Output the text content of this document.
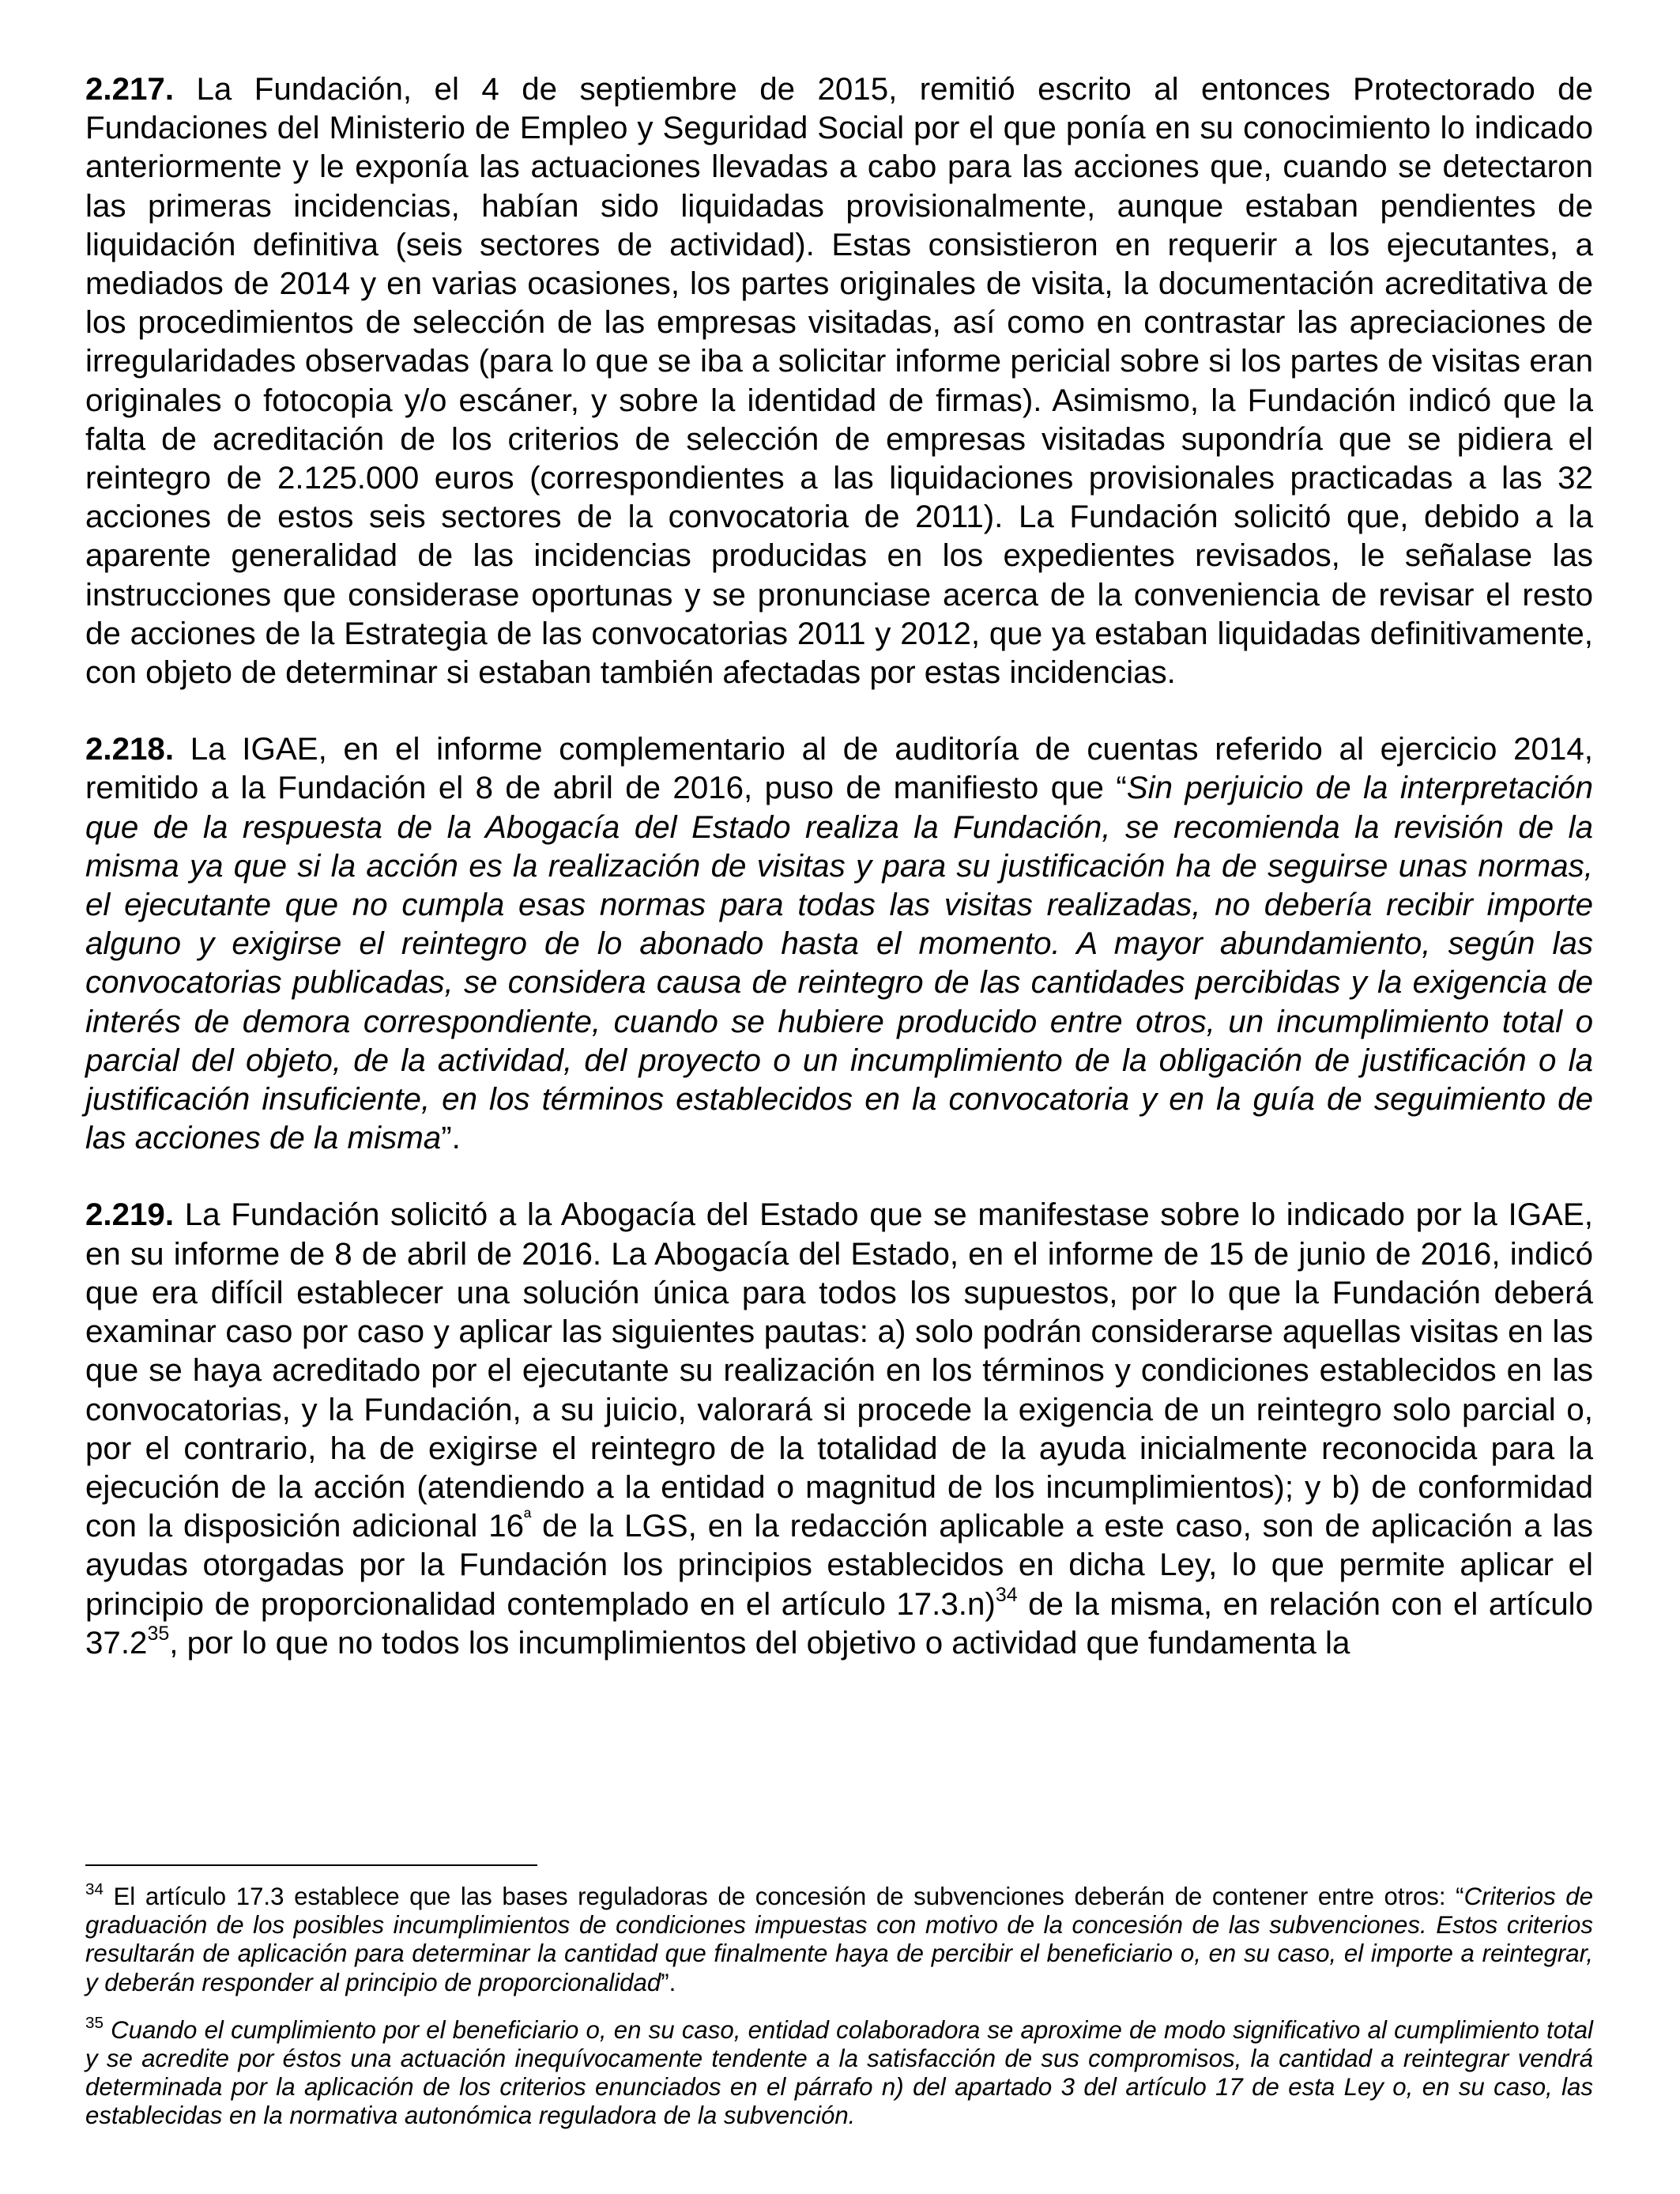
2.217. La Fundación, el 4 de septiembre de 2015, remitió escrito al entonces Protectorado de Fundaciones del Ministerio de Empleo y Seguridad Social por el que ponía en su conocimiento lo indicado anteriormente y le exponía las actuaciones llevadas a cabo para las acciones que, cuando se detectaron las primeras incidencias, habían sido liquidadas provisionalmente, aunque estaban pendientes de liquidación definitiva (seis sectores de actividad). Estas consistieron en requerir a los ejecutantes, a mediados de 2014 y en varias ocasiones, los partes originales de visita, la documentación acreditativa de los procedimientos de selección de las empresas visitadas, así como en contrastar las apreciaciones de irregularidades observadas (para lo que se iba a solicitar informe pericial sobre si los partes de visitas eran originales o fotocopia y/o escáner, y sobre la identidad de firmas). Asimismo, la Fundación indicó que la falta de acreditación de los criterios de selección de empresas visitadas supondría que se pidiera el reintegro de 2.125.000 euros (correspondientes a las liquidaciones provisionales practicadas a las 32 acciones de estos seis sectores de la convocatoria de 2011). La Fundación solicitó que, debido a la aparente generalidad de las incidencias producidas en los expedientes revisados, le señalase las instrucciones que considerase oportunas y se pronunciase acerca de la conveniencia de revisar el resto de acciones de la Estrategia de las convocatorias 2011 y 2012, que ya estaban liquidadas definitivamente, con objeto de determinar si estaban también afectadas por estas incidencias.

2.218. La IGAE, en el informe complementario al de auditoría de cuentas referido al ejercicio 2014, remitido a la Fundación el 8 de abril de 2016, puso de manifiesto que “Sin perjuicio de la interpretación que de la respuesta de la Abogacía del Estado realiza la Fundación, se recomienda la revisión de la misma ya que si la acción es la realización de visitas y para su justificación ha de seguirse unas normas, el ejecutante que no cumpla esas normas para todas las visitas realizadas, no debería recibir importe alguno y exigirse el reintegro de lo abonado hasta el momento. A mayor abundamiento, según las convocatorias publicadas, se considera causa de reintegro de las cantidades percibidas y la exigencia de interés de demora correspondiente, cuando se hubiere producido entre otros, un incumplimiento total o parcial del objeto, de la actividad, del proyecto o un incumplimiento de la obligación de justificación o la justificación insuficiente, en los términos establecidos en la convocatoria y en la guía de seguimiento de las acciones de la misma”.

2.219. La Fundación solicitó a la Abogacía del Estado que se manifestase sobre lo indicado por la IGAE, en su informe de 8 de abril de 2016. La Abogacía del Estado, en el informe de 15 de junio de 2016, indicó que era difícil establecer una solución única para todos los supuestos, por lo que la Fundación deberá examinar caso por caso y aplicar las siguientes pautas: a) solo podrán considerarse aquellas visitas en las que se haya acreditado por el ejecutante su realización en los términos y condiciones establecidos en las convocatorias, y la Fundación, a su juicio, valorará si procede la exigencia de un reintegro solo parcial o, por el contrario, ha de exigirse el reintegro de la totalidad de la ayuda inicialmente reconocida para la ejecución de la acción (atendiendo a la entidad o magnitud de los incumplimientos); y b) de conformidad con la disposición adicional $16^ª$ de la LGS, en la redacción aplicable a este caso, son de aplicación a las ayudas otorgadas por la Fundación los principios establecidos en dicha Ley, lo que permite aplicar el principio de proporcionalidad contemplado en el artículo 17.3.n)$^{34}$ de la misma, en relación con el artículo 37.2$^{35}$, por lo que no todos los incumplimientos del objetivo o actividad que fundamenta la

$^{34}$ El artículo 17.3 establece que las bases reguladoras de concesión de subvenciones deberán de contener entre otros: “Criterios de graduación de los posibles incumplimientos de condiciones impuestas con motivo de la concesión de las subvenciones. Estos criterios resultarán de aplicación para determinar la cantidad que finalmente haya de percibir el beneficiario o, en su caso, el importe a reintegrar, y deberán responder al principio de proporcionalidad”.

$^{35}$ Cuando el cumplimiento por el beneficiario o, en su caso, entidad colaboradora se aproxime de modo significativo al cumplimiento total y se acredite por éstos una actuación inequívocamente tendente a la satisfacción de sus compromisos, la cantidad a reintegrar vendrá determinada por la aplicación de los criterios enunciados en el párrafo n) del apartado 3 del artículo 17 de esta Ley o, en su caso, las establecidas en la normativa autonómica reguladora de la subvención.
